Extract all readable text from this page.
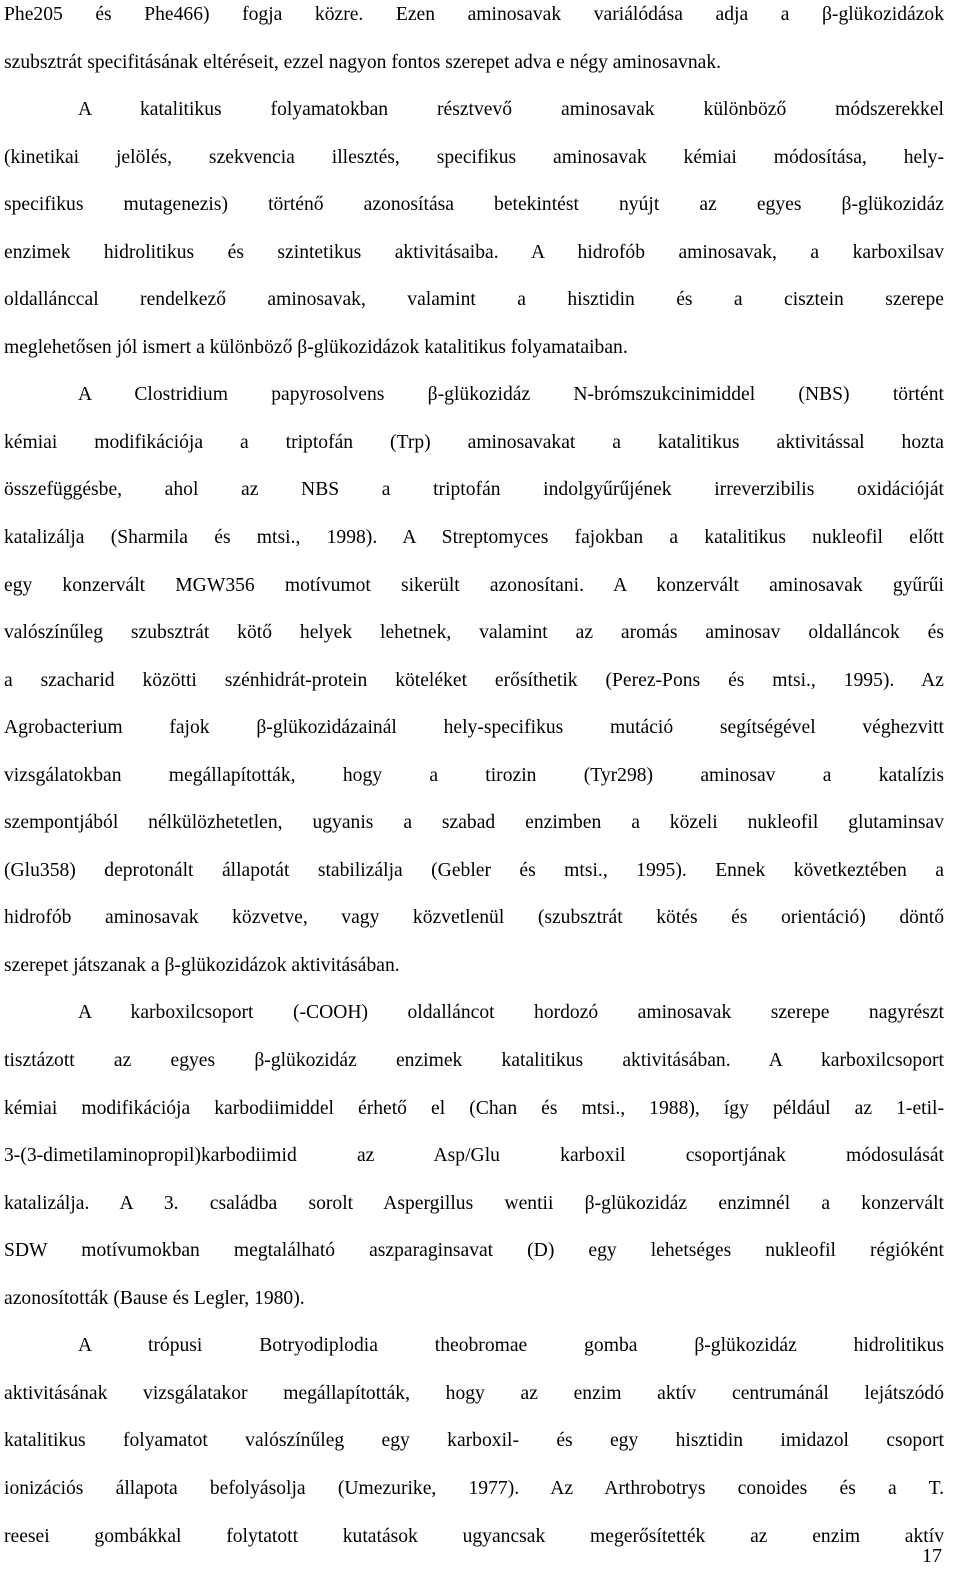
Phe205 és Phe466) fogja közre. Ezen aminosavak variálódása adja a β-glükozidázok
szubsztrát specifitásának eltéréseit, ezzel nagyon fontos szerepet adva e négy aminosavnak.
A katalitikus folyamatokban résztvevő aminosavak különböző módszerekkel
(kinetikai jelölés, szekvencia illesztés, specifikus aminosavak kémiai módosítása, hely-
specifikus mutagenezis) történő azonosítása betekintést nyújt az egyes β-glükozidáz
enzimek hidrolitikus és szintetikus aktivitásaiba. A hidrofób aminosavak, a karboxilsav
oldallánccal rendelkező aminosavak, valamint a hisztidin és a cisztein szerepe
meglehetősen jól ismert a különböző β-glükozidázok katalitikus folyamataiban.
A Clostridium papyrosolvens β-glükozidáz N-brómszukcinimiddel (NBS) történt
kémiai modifikációja a triptofán (Trp) aminosavakat a katalitikus aktivitással hozta
összefüggésbe, ahol az NBS a triptofán indolgyűrűjének irreverzibilis oxidációját
katalizálja (Sharmila és mtsi., 1998). A Streptomyces fajokban a katalitikus nukleofil előtt
egy konzervált MGW356 motívumot sikerült azonosítani. A konzervált aminosavak gyűrűi
valószínűleg szubsztrát kötő helyek lehetnek, valamint az aromás aminosav oldalláncok és
a szacharid közötti szénhidrát-protein köteléket erősíthetik (Perez-Pons és mtsi., 1995). Az
Agrobacterium fajok β-glükozidázainál hely-specifikus mutáció segítségével véghezvitt
vizsgálatokban megállapították, hogy a tirozin (Tyr298) aminosav a katalízis
szempontjából nélkülözhetetlen, ugyanis a szabad enzimben a közeli nukleofil glutaminsav
(Glu358) deprotonált állapotát stabilizálja (Gebler és mtsi., 1995). Ennek következtében a
hidrofób aminosavak közvetve, vagy közvetlenül (szubsztrát kötés és orientáció) döntő
szerepet játszanak a β-glükozidázok aktivitásában.
A karboxilcsoport (-COOH) oldalláncot hordozó aminosavak szerepe nagyrészt
tisztázott az egyes β-glükozidáz enzimek katalitikus aktivitásában. A karboxilcsoport
kémiai modifikációja karbodiimiddel érhető el (Chan és mtsi., 1988), így például az 1-etil-
3-(3-dimetilaminopropil)karbodiimid az Asp/Glu karboxil csoportjának módosulását
katalizálja. A 3. családba sorolt Aspergillus wentii β-glükozidáz enzimnél a konzervált
SDW motívumokban megtalálható aszparaginsavat (D) egy lehetséges nukleofil régióként
azonosították (Bause és Legler, 1980).
A trópusi Botryodiplodia theobromae gomba β-glükozidáz hidrolitikus
aktivitásának vizsgálatakor megállapították, hogy az enzim aktív centrumánál lejátszódó
katalitikus folyamatot valószínűleg egy karboxil- és egy hisztidin imidazol csoport
ionizációs állapota befolyásolja (Umezurike, 1977). Az Arthrobotrys conoides és a T.
reesei gombákkal folytatott kutatások ugyancsak megerősítették az enzim aktív
17
